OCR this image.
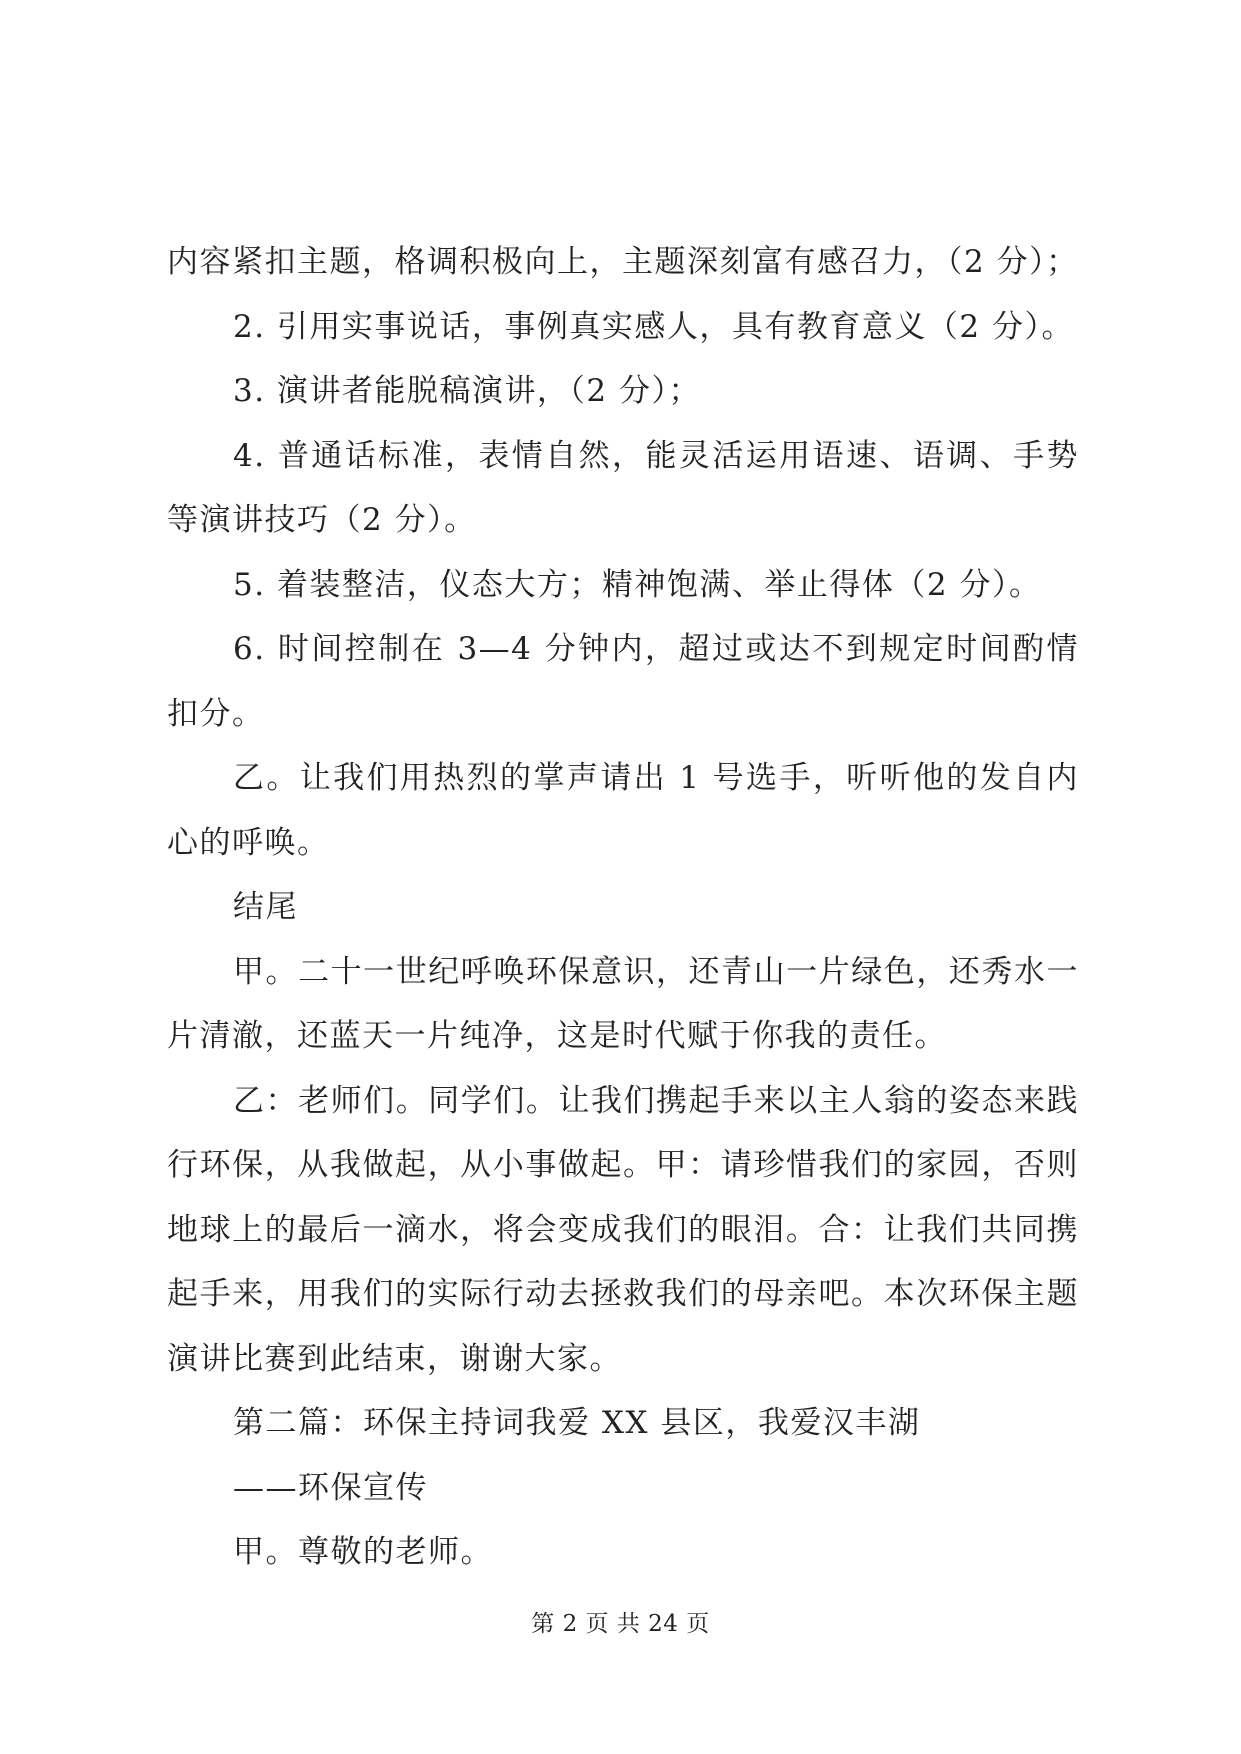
内容紧扣主题，格调积极向上，主题深刻富有感召力，（2 分）；

2. 引用实事说话，事例真实感人，具有教育意义（2 分）。

3. 演讲者能脱稿演讲，（2 分）；

4. 普通话标准，表情自然，能灵活运用语速、语调、手势等演讲技巧（2 分）。

5. 着装整洁，仪态大方；精神饱满、举止得体（2 分）。

6. 时间控制在 3—4 分钟内，超过或达不到规定时间酌情扣分。

乙。让我们用热烈的掌声请出 1 号选手，听听他的发自内心的呼唤。

结尾

甲。二十一世纪呼唤环保意识，还青山一片绿色，还秀水一片清澈，还蓝天一片纯净，这是时代赋于你我的责任。

乙：老师们。同学们。让我们携起手来以主人翁的姿态来践行环保，从我做起，从小事做起。甲：请珍惜我们的家园，否则地球上的最后一滴水，将会变成我们的眼泪。合：让我们共同携起手来，用我们的实际行动去拯救我们的母亲吧。本次环保主题演讲比赛到此结束，谢谢大家。

第二篇：环保主持词我爱 XX 县区，我爱汉丰湖

——环保宣传

甲。尊敬的老师。

第 2 页 共 24 页
